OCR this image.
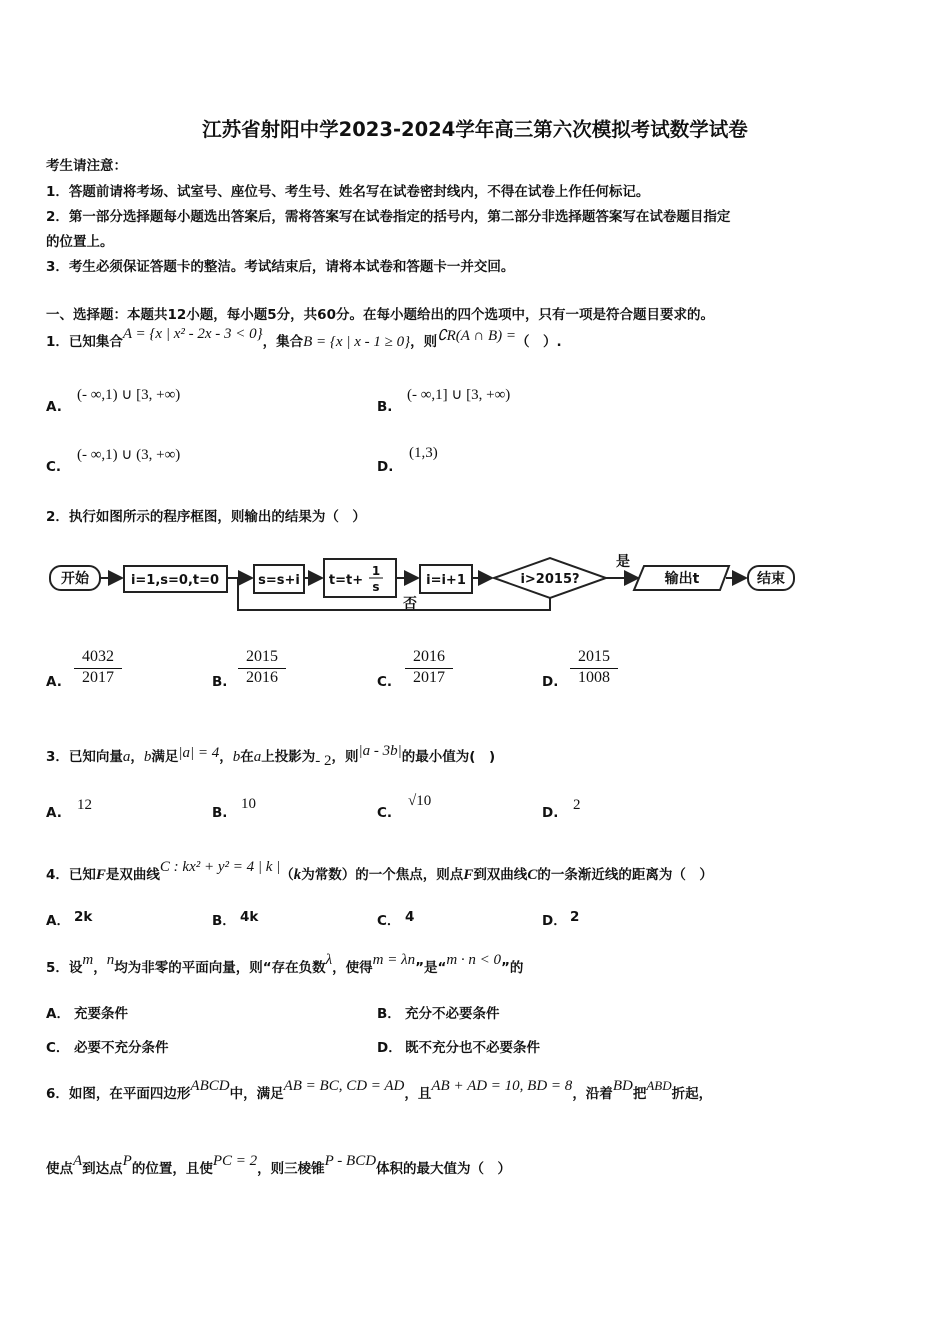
江苏省射阳中学2023-2024学年高三第六次模拟考试数学试卷
考生请注意：
1．答题前请将考场、试室号、座位号、考生号、姓名写在试卷密封线内，不得在试卷上作任何标记。
2．第一部分选择题每小题选出答案后，需将答案写在试卷指定的括号内，第二部分非选择题答案写在试卷题目指定
的位置上。
3．考生必须保证答题卡的整洁。考试结束后，请将本试卷和答题卡一并交回。
一、选择题：本题共12小题，每小题5分，共60分。在每小题给出的四个选项中，只有一项是符合题目要求的。
1．已知集合A = {x | x² - 2x - 3 < 0}，集合B = {x | x - 1 ≥ 0}，则∁R(A ∩ B) =（　）.
A.
(- ∞,1) ∪ [3, +∞)
B.
(- ∞,1] ∪ [3, +∞)
C.
(- ∞,1) ∪ (3, +∞)
D.
(1,3)
2．执行如图所示的程序框图，则输出的结果为（　）
开始	i=1,s=0,t=0	s=s+i t=t+
1
s	i=i+1	i>2015?
是
否
输出t	结束
A. $\frac{4032}{2017}$	B. $\frac{2015}{2016}$	C. $\frac{2016}{2017}$	D. $\frac{2015}{1008}$
3．已知向量a，b满足|a| = 4，b在a上投影为- 2，则|a - 3b|的最小值为(　)
A. 12	B.
10
C.
√10
D. 2
4．已知F是双曲线C : kx² + y² = 4 | k |（k为常数）的一个焦点，则点F到双曲线C的一条渐近线的距离为（　）
A． 2k	B． 4k	C． 4	D． 2
5．设m，n均为非零的平面向量，则“存在负数λ，使得m = λn”是“m · n < 0”的
A． 充要条件	B． 充分不必要条件
C． 必要不充分条件	D． 既不充分也不必要条件
6．如图，在平面四边形ABCD中，满足AB = BC, CD = AD，且AB + AD = 10, BD = 8，沿着BD把ABD折起，
使点A到达点P的位置，且使PC = 2，则三棱锥P - BCD体积的最大值为（　）
